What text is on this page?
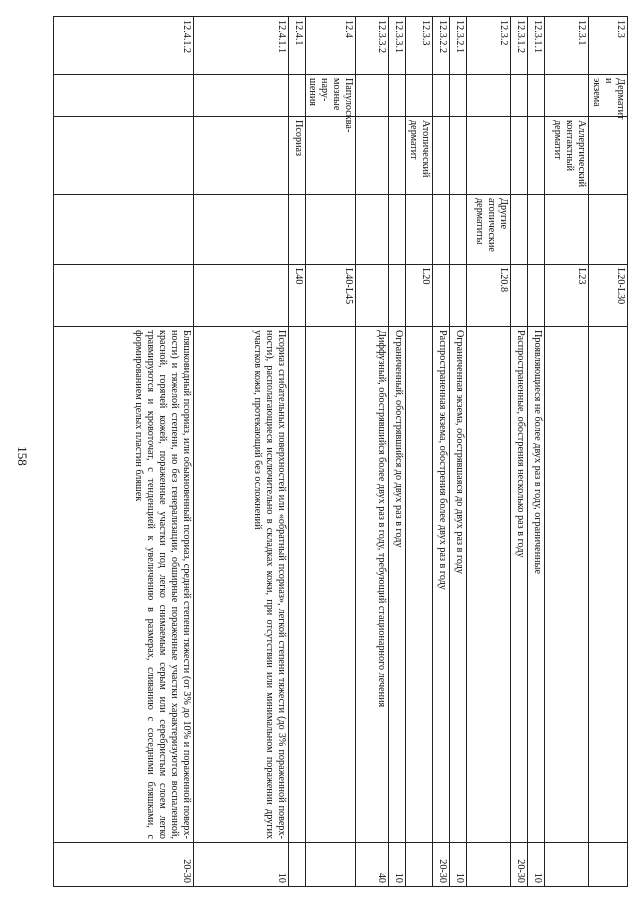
158
12.3	Дерматит и экзема			L20-L30		
12.3.1		Аллергический контактный дерматит		L23		
12.3.1.1					Проявляющиеся не более двух раз в году, ограниченные	10
12.3.1.2					Распространенные, обострения несколько раз в году	20-30
12.3.2			Другие атопические дерматиты	L20.8		
12.3.2.1					Ограниченная экзема, обострявшаяся до двух раз в году	10
12.3.2.2					Распространенная экзема, обострения более двух раз в году	20-30
12.3.3		Атопический дерматит		L20		
12.3.3.1					Ограниченный, обострявшийся до двух раз в году	10
12.3.3.2					Диффузный, обострявшийся более двух раз в году, требующий стационарного лечения	40
12.4	Папулосквамозные нарушения			L40-L45		
12.4.1		Псориаз		L40		
12.4.1.1					Псориаз сгибательных поверхностей или «обратный псориаз», легкой степени тяжести (до 3% пораженной поверхности), располагающиеся исключительно в складках кожи, при отсутствии или минимальном поражении других участков кожи, протекающий без осложнений	10
12.4.1.2					Бляшковидный псориаз, или обыкновенный псориаз, средней степени тяжести (от 3% до 10% и пораженной поверхности) и тяжелой степени, но без генерализации, обширные пораженные участки характеризуются воспаленной, красной, горячей кожей, пораженные участки под легко снимаемым серым или серебристым слоем легко травмируются и кровоточат, с тенденцией к увеличению в размерах, сливанию с соседними бляшками, с формированием целых пластин бляшек	20-30
